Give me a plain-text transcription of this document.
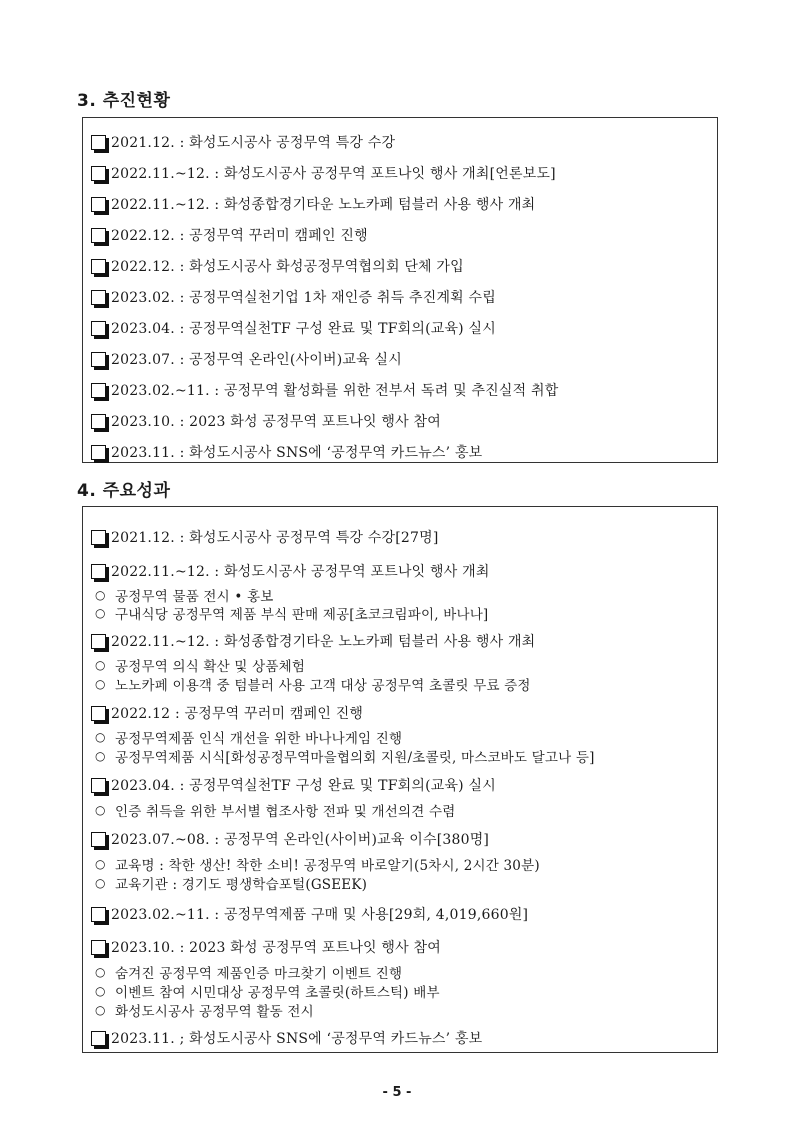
3. 추진현황
2021.12. : 화성도시공사 공정무역 특강 수강
2022.11.~12. : 화성도시공사 공정무역 포트나잇 행사 개최[언론보도]
2022.11.~12. : 화성종합경기타운 노노카페 텀블러 사용 행사 개최
2022.12. : 공정무역 꾸러미 캠페인 진행
2022.12. : 화성도시공사 화성공정무역협의회 단체 가입
2023.02. : 공정무역실천기업 1차 재인증 취득 추진계획 수립
2023.04. : 공정무역실천TF 구성 완료 및 TF회의(교육) 실시
2023.07. : 공정무역 온라인(사이버)교육 실시
2023.02.~11. : 공정무역 활성화를 위한 전부서 독려 및 추진실적 취합
2023.10. : 2023 화성 공정무역 포트나잇 행사 참여
2023.11. : 화성도시공사 SNS에 ‘공정무역 카드뉴스’ 홍보
4. 주요성과
2021.12. : 화성도시공사 공정무역 특강 수강[27명]
2022.11.~12. : 화성도시공사 공정무역 포트나잇 행사 개최
○ 공정무역 물품 전시 • 홍보
○ 구내식당 공정무역 제품 부식 판매 제공[초코크림파이, 바나나]
2022.11.~12. : 화성종합경기타운 노노카페 텀블러 사용 행사 개최
○ 공정무역 의식 확산 및 상품체험
○ 노노카페 이용객 중 텀블러 사용 고객 대상 공정무역 초콜릿 무료 증정
2022.12 : 공정무역 꾸러미 캠페인 진행
○ 공정무역제품 인식 개선을 위한 바나나게임 진행
○ 공정무역제품 시식[화성공정무역마을협의회 지원/초콜릿, 마스코바도 달고나 등]
2023.04. : 공정무역실천TF 구성 완료 및 TF회의(교육) 실시
○ 인증 취득을 위한 부서별 협조사항 전파 및 개선의견 수렴
2023.07.~08. : 공정무역 온라인(사이버)교육 이수[380명]
○ 교육명 : 착한 생산! 착한 소비! 공정무역 바로알기(5차시, 2시간 30분)
○ 교육기관 : 경기도 평생학습포털(GSEEK)
2023.02.~11. : 공정무역제품 구매 및 사용[29회, 4,019,660원]
2023.10. : 2023 화성 공정무역 포트나잇 행사 참여
○ 숨겨진 공정무역 제품인증 마크찾기 이벤트 진행
○ 이벤트 참여 시민대상 공정무역 초콜릿(하트스틱) 배부
○ 화성도시공사 공정무역 활동 전시
2023.11. ; 화성도시공사 SNS에 ‘공정무역 카드뉴스’ 홍보
- 5 -
